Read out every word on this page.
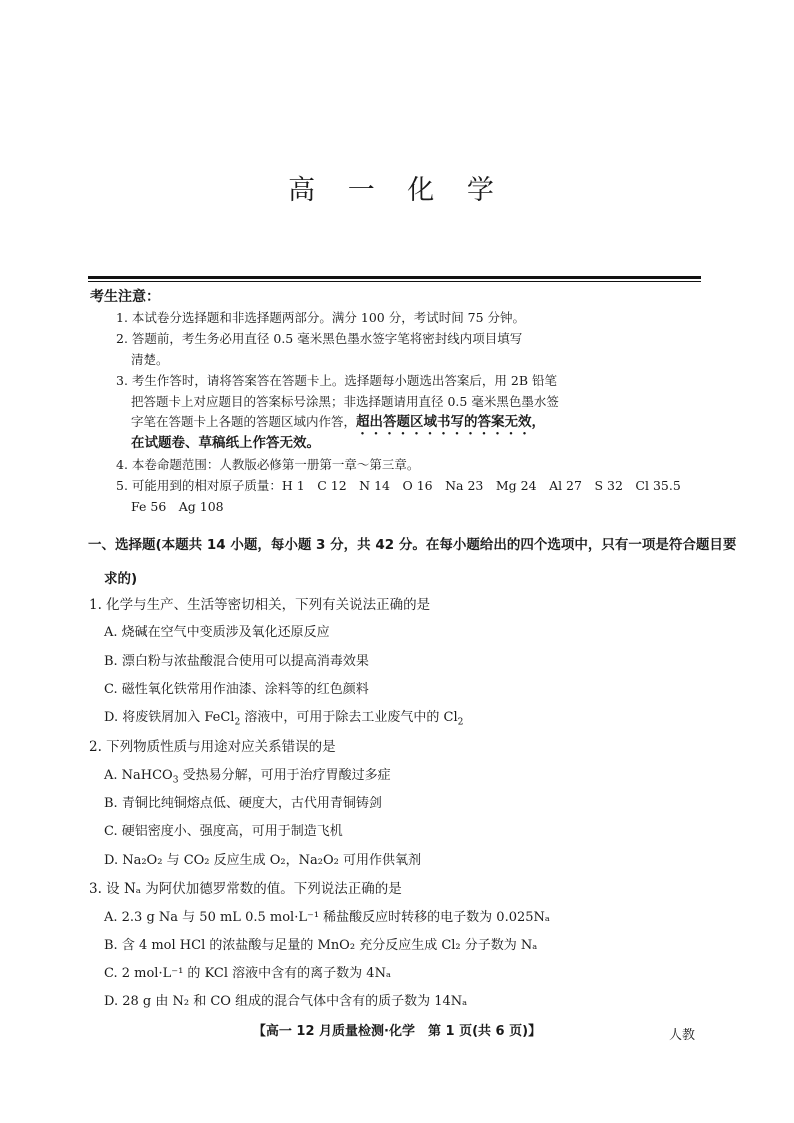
高 一 化 学
考生注意：
1. 本试卷分选择题和非选择题两部分。满分 100 分，考试时间 75 分钟。
2. 答题前，考生务必用直径 0.5 毫米黑色墨水签字笔将密封线内项目填写
清楚。
3. 考生作答时，请将答案答在答题卡上。选择题每小题选出答案后，用 2B 铅笔
把答题卡上对应题目的答案标号涂黑；非选择题请用直径 0.5 毫米黑色墨水签
字笔在答题卡上各题的答题区域内作答，超出答题区域书写的答案无效，
在试题卷、草稿纸上作答无效。
4. 本卷命题范围：人教版必修第一册第一章～第三章。
5. 可能用到的相对原子质量：H 1　C 12　N 14　O 16　Na 23　Mg 24　Al 27　S 32　Cl 35.5
Fe 56　Ag 108
一、选择题(本题共 14 小题，每小题 3 分，共 42 分。在每小题给出的四个选项中，只有一项是符合题目要
求的)
1. 化学与生产、生活等密切相关，下列有关说法正确的是
A. 烧碱在空气中变质涉及氧化还原反应
B. 漂白粉与浓盐酸混合使用可以提高消毒效果
C. 磁性氧化铁常用作油漆、涂料等的红色颜料
D. 将废铁屑加入 FeCl$_2$ 溶液中，可用于除去工业废气中的 $Cl_2$
2. 下列物质性质与用途对应关系错误的是
A. NaHCO$_3$ 受热易分解，可用于治疗胃酸过多症
B. 青铜比纯铜熔点低、硬度大，古代用青铜铸剑
C. 硬铝密度小、强度高，可用于制造飞机
D. Na₂O₂ 与 CO₂ 反应生成 O₂，Na₂O₂ 可用作供氧剂
3. 设 Nₐ 为阿伏加德罗常数的值。下列说法正确的是
A. 2.3 g Na 与 50 mL 0.5 mol·L⁻¹ 稀盐酸反应时转移的电子数为 0.025Nₐ
B. 含 4 mol HCl 的浓盐酸与足量的 MnO₂ 充分反应生成 Cl₂ 分子数为 Nₐ
C. 2 mol·L⁻¹ 的 KCl 溶液中含有的离子数为 4Nₐ
D. 28 g 由 N₂ 和 CO 组成的混合气体中含有的质子数为 14Nₐ
【高一 12 月质量检测·化学　第 1 页(共 6 页)】	人教
